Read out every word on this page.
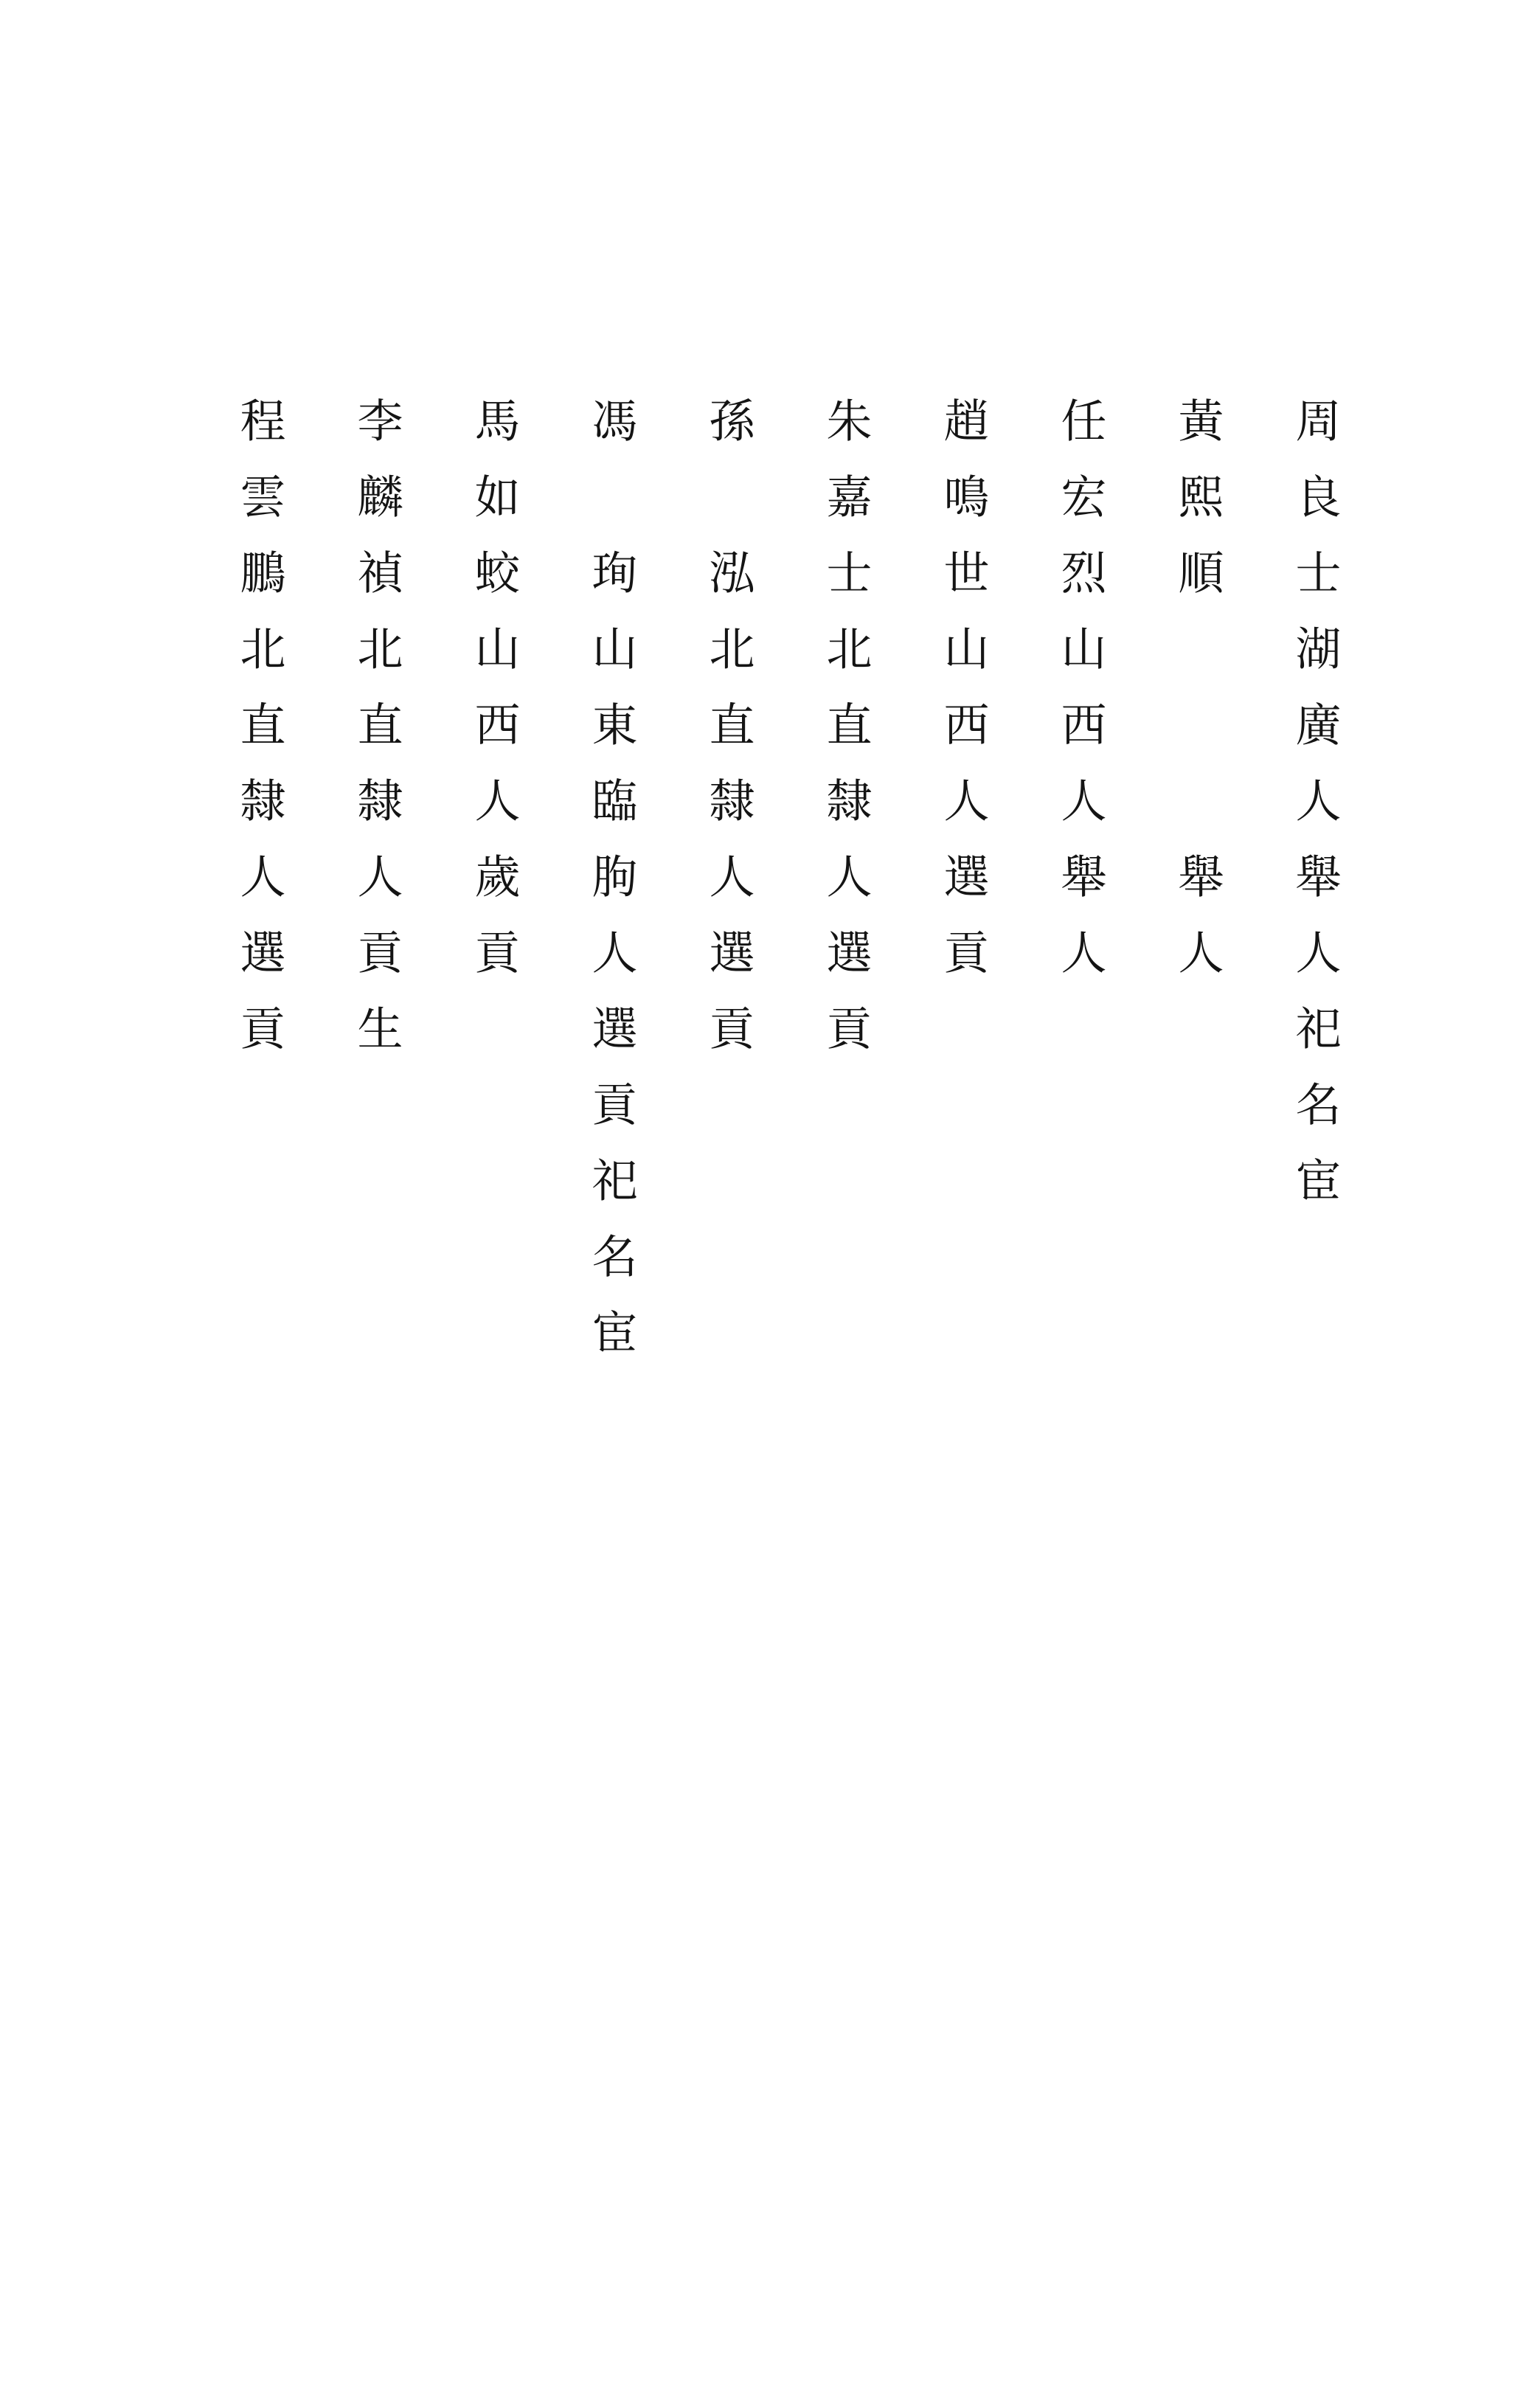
周良士湖廣人舉人祀名宦
黃熙順　　　舉人
任宏烈山西人舉人
趙鳴世山西人選貢
朱嘉士北直隸人選貢
孫　泓北直隸人選貢
馮　珣山東臨朐人選貢祀名宦
馬如蛟山西人歲貢
李麟禎北直隸人貢生
程雲鵬北直隸人選貢
